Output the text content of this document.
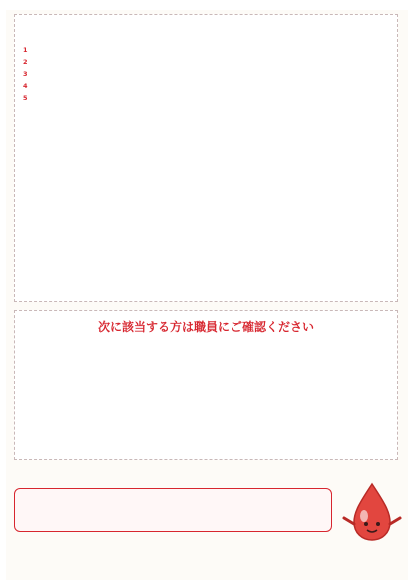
1
2
3
4
5
次に該当する方は職員にご確認ください
